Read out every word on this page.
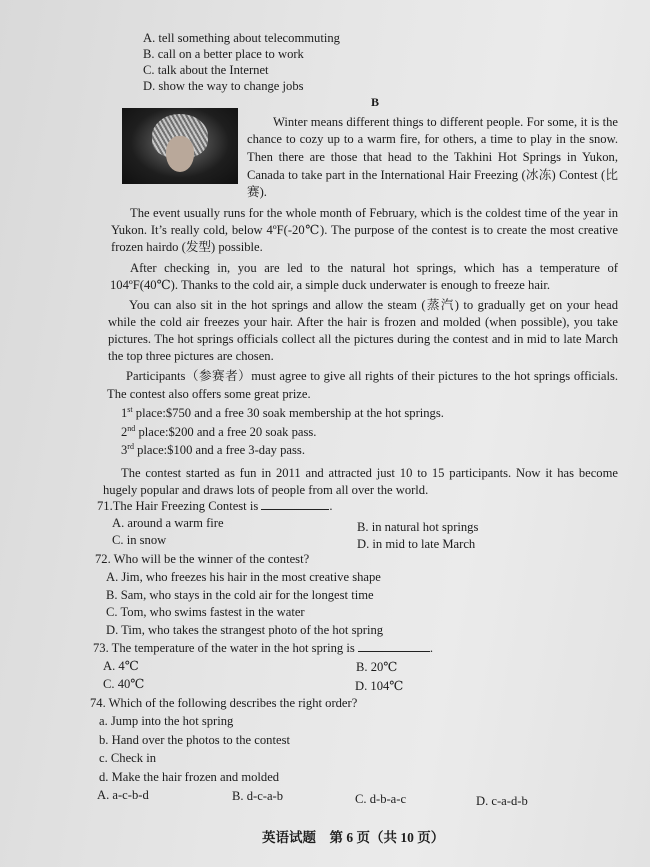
A. tell something about telecommuting
B. call on a better place to work
C. talk about the Internet
D. show the way to change jobs
B
Winter means different things to different people. For some, it is the
chance to cozy up to a warm fire, for others, a time to play in the snow.
Then there are those that head to the Takhini Hot Springs in Yukon,
Canada to take part in the International Hair Freezing (冰冻) Contest (比
赛).
The event usually runs for the whole month of February, which is the coldest time of the year in
Yukon. It’s really cold, below 4ºF(-20℃). The purpose of the contest is to create the most creative
frozen hairdo (发型) possible.
After checking in, you are led to the natural hot springs, which has a temperature of
104ºF(40℃). Thanks to the cold air, a simple duck underwater is enough to freeze hair.
You can also sit in the hot springs and allow the steam (蒸汽) to gradually get on your head
while the cold air freezes your hair. After the hair is frozen and molded (when possible), you take
pictures. The hot springs officials collect all the pictures during the contest and in mid to late March
the top three pictures are chosen.
Participants（参赛者）must agree to give all rights of their pictures to the hot springs officials.
The contest also offers some great prize.
1st place:$750 and a free 30 soak membership at the hot springs.
2nd place:$200 and a free 20 soak pass.
3rd place:$100 and a free 3-day pass.
The contest started as fun in 2011 and attracted just 10 to 15 participants. Now it has become
hugely popular and draws lots of people from all over the world.
71.The Hair Freezing Contest is	.
A. around a warm fire	B. in natural hot springs
C. in snow	D. in mid to late March
72. Who will be the winner of the contest?
A. Jim, who freezes his hair in the most creative shape
B. Sam, who stays in the cold air for the longest time
C. Tom, who swims fastest in the water
D. Tim, who takes the strangest photo of the hot spring
73. The temperature of the water in the hot spring is	.
A. 4℃	B. 20℃
C. 40℃	D. 104℃
74. Which of the following describes the right order?
a. Jump into the hot spring
b. Hand over the photos to the contest
c. Check in
d. Make the hair frozen and molded
A. a-c-b-d	B. d-c-a-b	C. d-b-a-c	D. c-a-d-b
英语试题　第 6 页（共 10 页）
